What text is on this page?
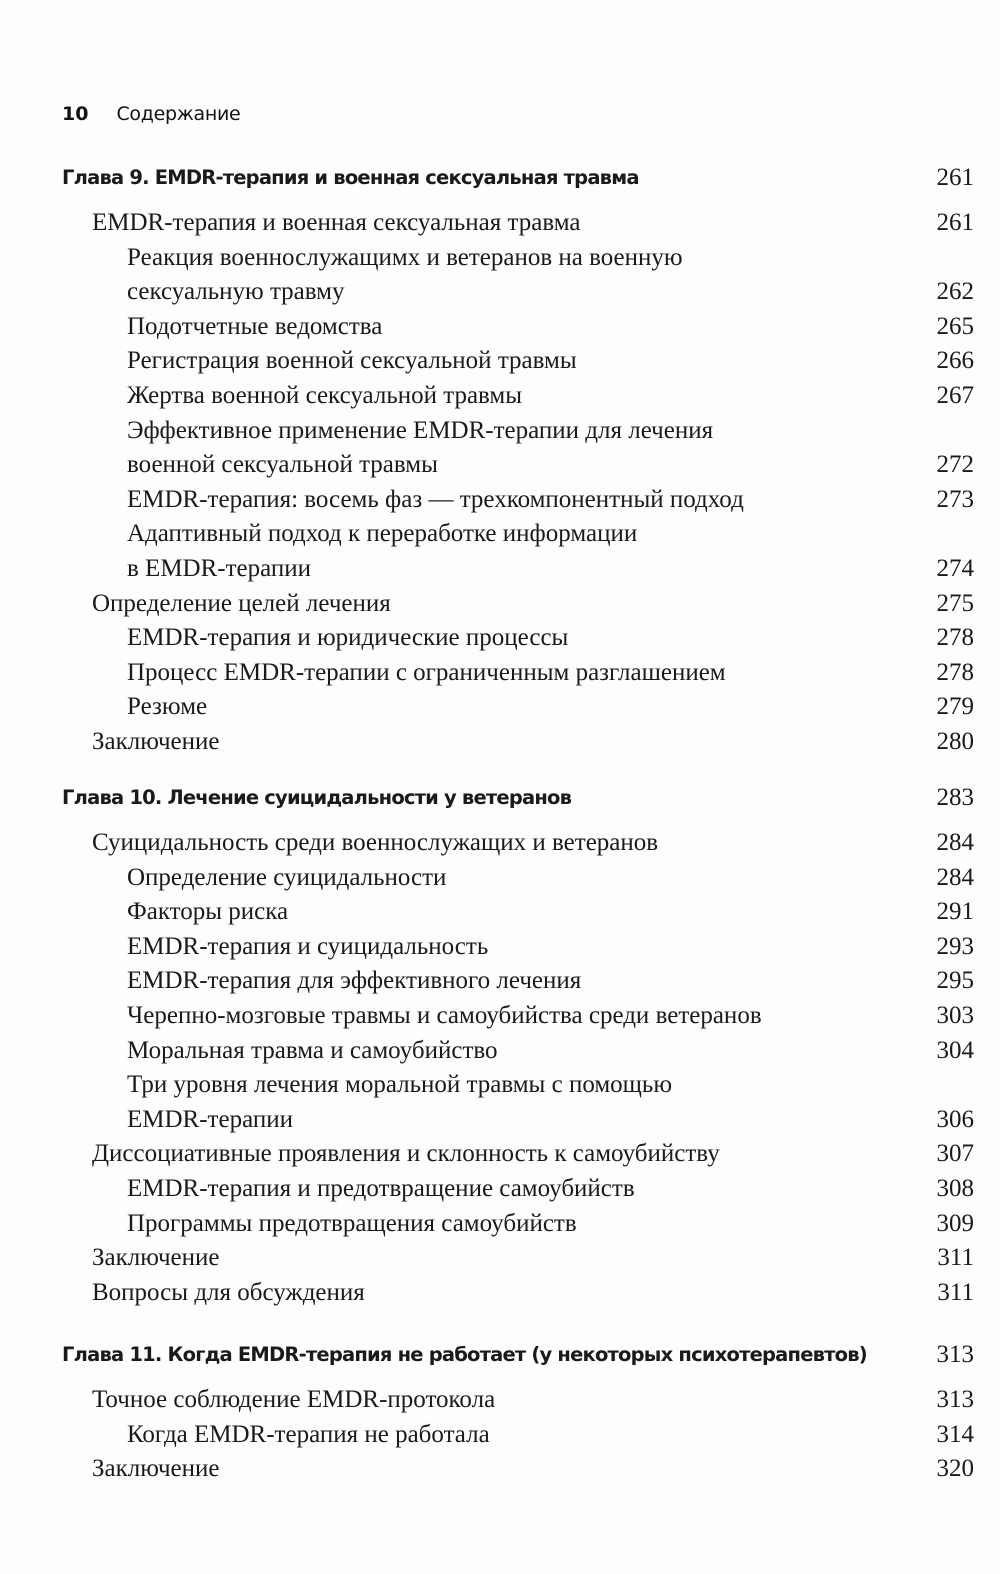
10 Содержание
Глава 9. EMDR-терапия и военная сексуальная травма	261
EMDR-терапия и военная сексуальная травма	261
Реакция военнослужащимх и ветеранов на военную
сексуальную травму	262
Подотчетные ведомства	265
Регистрация военной сексуальной травмы	266
Жертва военной сексуальной травмы	267
Эффективное применение EMDR-терапии для лечения
военной сексуальной травмы	272
EMDR-терапия: восемь фаз — трехкомпонентный подход	273
Адаптивный подход к переработке информации
в EMDR-терапии	274
Определение целей лечения	275
EMDR-терапия и юридические процессы	278
Процесс EMDR-терапии с ограниченным разглашением	278
Резюме	279
Заключение	280
Глава 10. Лечение суицидальности у ветеранов	283
Суицидальность среди военнослужащих и ветеранов	284
Определение суицидальности	284
Факторы риска	291
EMDR-терапия и суицидальность	293
EMDR-терапия для эффективного лечения	295
Черепно-мозговые травмы и самоубийства среди ветеранов	303
Моральная травма и самоубийство	304
Три уровня лечения моральной травмы с помощью
EMDR-терапии	306
Диссоциативные проявления и склонность к самоубийству	307
EMDR-терапия и предотвращение самоубийств	308
Программы предотвращения самоубийств	309
Заключение	311
Вопросы для обсуждения	311
Глава 11. Когда EMDR-терапия не работает (у некоторых психотерапевтов)	313
Точное соблюдение EMDR-протокола	313
Когда EMDR-терапия не работала	314
Заключение	320
